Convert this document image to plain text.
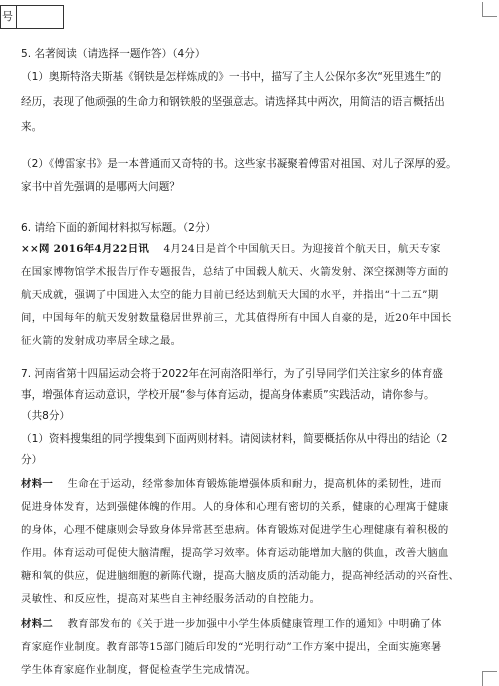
号
5. 名著阅读（请选择一题作答）（4分）

（1）奥斯特洛夫斯基《钢铁是怎样炼成的》一书中，描写了主人公保尔多次“死里逃生”的

经历，表现了他顽强的生命力和钢铁般的坚强意志。请选择其中两次，用简洁的语言概括出

来。

（2）《傅雷家书》是一本普通而又奇特的书。这些家书凝聚着傅雷对祖国、对儿子深厚的爱。

家书中首先强调的是哪两大问题？

6. 请给下面的新闻材料拟写标题。（2分）

××网 2016年4月22日讯 4月24日是首个中国航天日。为迎接首个航天日，航天专家

在国家博物馆学术报告厅作专题报告，总结了中国载人航天、火箭发射、深空探测等方面的

航天成就，强调了中国进入太空的能力目前已经达到航天大国的水平，并指出“十二五”期

间，中国每年的航天发射数量稳居世界前三，尤其值得所有中国人自豪的是，近20年中国长

征火箭的发射成功率居全球之最。

7. 河南省第十四届运动会将于2022年在河南洛阳举行，为了引导同学们关注家乡的体育盛

事，增强体育运动意识，学校开展“参与体育运动，提高身体素质”实践活动，请你参与。

（共8分）

（1）资料搜集组的同学搜集到下面两则材料。请阅读材料，简要概括你从中得出的结论（2

分）

材料一 生命在于运动，经常参加体育锻炼能增强体质和耐力，提高机体的柔韧性，进而

促进身体发育，达到强健体魄的作用。人的身体和心理有密切的关系，健康的心理寓于健康

的身体，心理不健康则会导致身体异常甚至患病。体育锻炼对促进学生心理健康有着积极的

作用。体育运动可促使大脑清醒，提高学习效率。体育运动能增加大脑的供血，改善大脑血

糖和氧的供应，促进脑细胞的新陈代谢，提高大脑皮质的活动能力，提高神经活动的兴奋性、

灵敏性、和反应性，提高对某些自主神经服务活动的自控能力。

材料二 教育部发布的《关于进一步加强中小学生体质健康管理工作的通知》中明确了体

育家庭作业制度。教育部等15部门随后印发的“光明行动”工作方案中提出，全面实施寒暑

学生体育家庭作业制度，督促检查学生完成情况。
